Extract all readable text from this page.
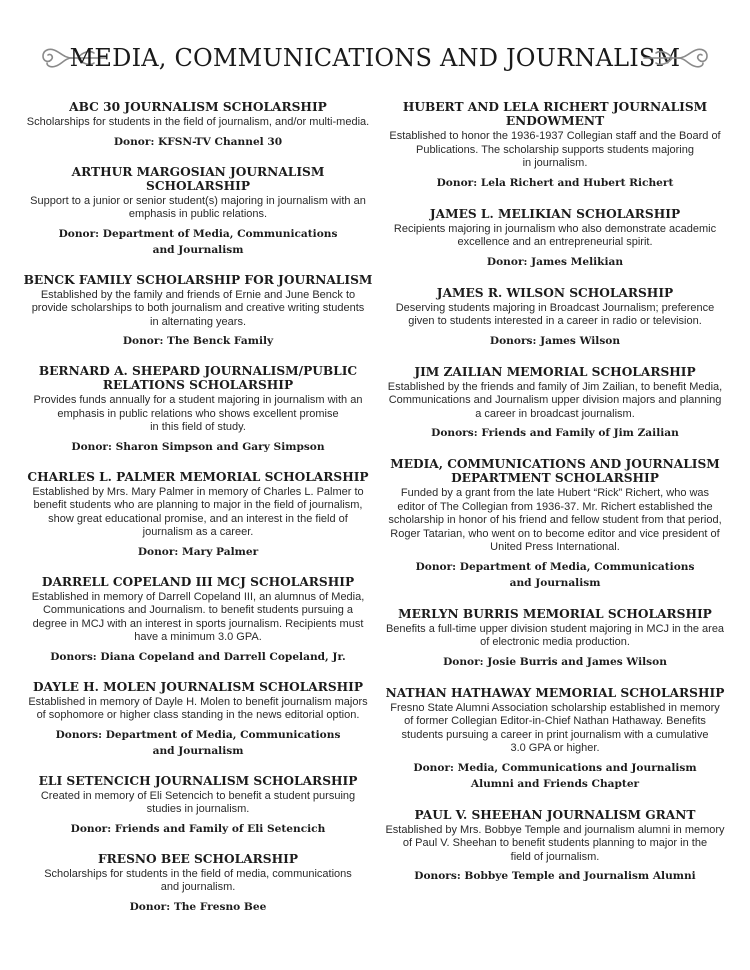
MEDIA, COMMUNICATIONS AND JOURNALISM

ABC 30 JOURNALISM SCHOLARSHIP

Scholarships for students in the field of journalism, and/or multi-media.

Donor: KFSN-TV Channel 30

ARTHUR MARGOSIAN JOURNALISM SCHOLARSHIP

Support to a junior or senior student(s) majoring in journalism with an
emphasis in public relations.

Donor: Department of Media, Communications
and Journalism

BENCK FAMILY SCHOLARSHIP FOR JOURNALISM

Established by the family and friends of Ernie and June Benck to
provide scholarships to both journalism and creative writing students
in alternating years.

Donor: The Benck Family

BERNARD A. SHEPARD JOURNALISM/PUBLIC
RELATIONS SCHOLARSHIP

Provides funds annually for a student majoring in journalism with an
emphasis in public relations who shows excellent promise
in this field of study.

Donor: Sharon Simpson and Gary Simpson

CHARLES L. PALMER MEMORIAL SCHOLARSHIP

Established by Mrs. Mary Palmer in memory of Charles L. Palmer to
benefit students who are planning to major in the field of journalism,
show great educational promise, and an interest in the field of
journalism as a career.

Donor: Mary Palmer

DARRELL COPELAND III MCJ SCHOLARSHIP

Established in memory of Darrell Copeland III, an alumnus of Media,
Communications and Journalism. to benefit students pursuing a
degree in MCJ with an interest in sports journalism. Recipients must
have a minimum 3.0 GPA.

Donors: Diana Copeland and Darrell Copeland, Jr.

DAYLE H. MOLEN JOURNALISM SCHOLARSHIP

Established in memory of Dayle H. Molen to benefit journalism majors
of sophomore or higher class standing in the news editorial option.

Donors: Department of Media, Communications
and Journalism

ELI SETENCICH JOURNALISM SCHOLARSHIP

Created in memory of Eli Setencich to benefit a student pursuing
studies in journalism.

Donor: Friends and Family of Eli Setencich

FRESNO BEE SCHOLARSHIP

Scholarships for students in the field of media, communications
and journalism.

Donor: The Fresno Bee

HUBERT AND LELA RICHERT JOURNALISM
ENDOWMENT

Established to honor the 1936-1937 Collegian staff and the Board of
Publications. The scholarship supports students majoring
in journalism.

Donor: Lela Richert and Hubert Richert

JAMES L. MELIKIAN SCHOLARSHIP

Recipients majoring in journalism who also demonstrate academic
excellence and an entrepreneurial spirit.

Donor: James Melikian

JAMES R. WILSON SCHOLARSHIP

Deserving students majoring in Broadcast Journalism; preference
given to students interested in a career in radio or television.

Donors: James Wilson

JIM ZAILIAN MEMORIAL SCHOLARSHIP

Established by the friends and family of Jim Zailian, to benefit Media,
Communications and Journalism upper division majors and planning
a career in broadcast journalism.

Donors: Friends and Family of Jim Zailian

MEDIA, COMMUNICATIONS AND JOURNALISM
DEPARTMENT SCHOLARSHIP

Funded by a grant from the late Hubert “Rick” Richert, who was
editor of The Collegian from 1936-37. Mr. Richert established the
scholarship in honor of his friend and fellow student from that period,
Roger Tatarian, who went on to become editor and vice president of
United Press International.

Donor: Department of Media, Communications
and Journalism

MERLYN BURRIS MEMORIAL SCHOLARSHIP

Benefits a full-time upper division student majoring in MCJ in the area
of electronic media production.

Donor: Josie Burris and James Wilson

NATHAN HATHAWAY MEMORIAL SCHOLARSHIP

Fresno State Alumni Association scholarship established in memory
of former Collegian Editor-in-Chief Nathan Hathaway. Benefits
students pursuing a career in print journalism with a cumulative
3.0 GPA or higher.

Donor: Media, Communications and Journalism
Alumni and Friends Chapter

PAUL V. SHEEHAN JOURNALISM GRANT

Established by Mrs. Bobbye Temple and journalism alumni in memory
of Paul V. Sheehan to benefit students planning to major in the
field of journalism.

Donors: Bobbye Temple and Journalism Alumni
